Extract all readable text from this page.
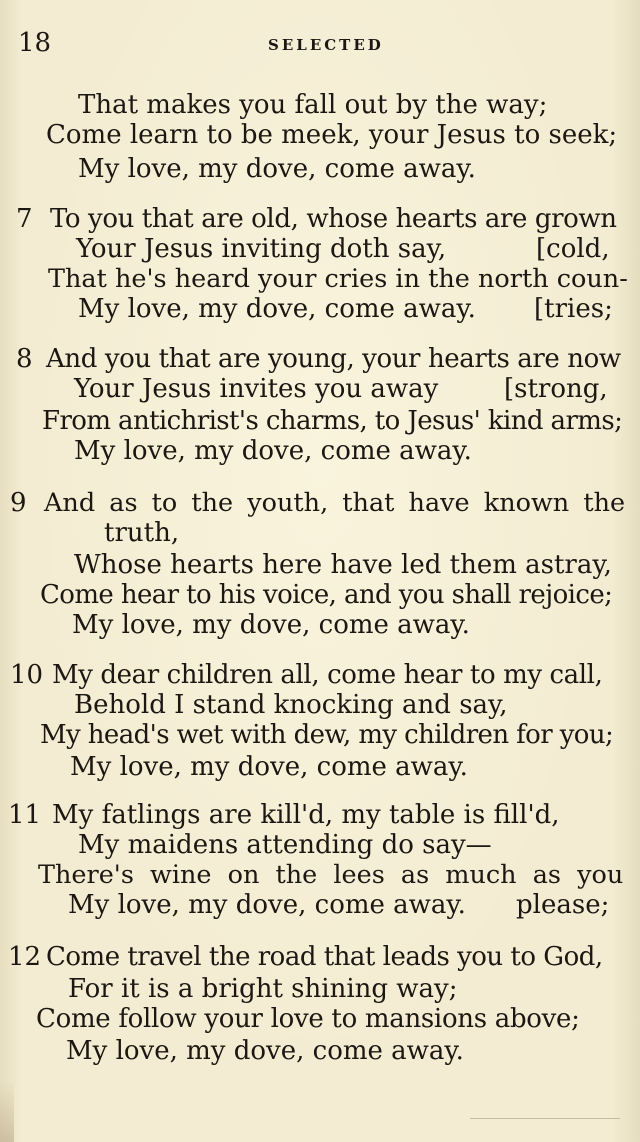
18	SELECTED
That makes you fall out by the way;
Come learn to be meek, your Jesus to seek;
My love, my dove, come away.
7 To you that are old, whose hearts are grown
Your Jesus inviting doth say,	[cold,
That he's heard your cries in the north coun-
My love, my dove, come away. [tries;
8 And you that are young, your hearts are now
Your Jesus invites you away	[strong,
From antichrist's charms, to Jesus' kind arms;
My love, my dove, come away.
9 And as to the youth, that have known the
truth,
Whose hearts here have led them astray,
Come hear to his voice, and you shall rejoice;
My love, my dove, come away.
10 My dear children all, come hear to my call,
Behold I stand knocking and say,
My head's wet with dew, my children for you;
My love, my dove, come away.
11 My fatlings are kill'd, my table is fill'd,
My maidens attending do say—
There's wine on the lees as much as you
My love, my dove, come away. please;
12 Come travel the road that leads you to God,
For it is a bright shining way;
Come follow your love to mansions above;
My love, my dove, come away.
